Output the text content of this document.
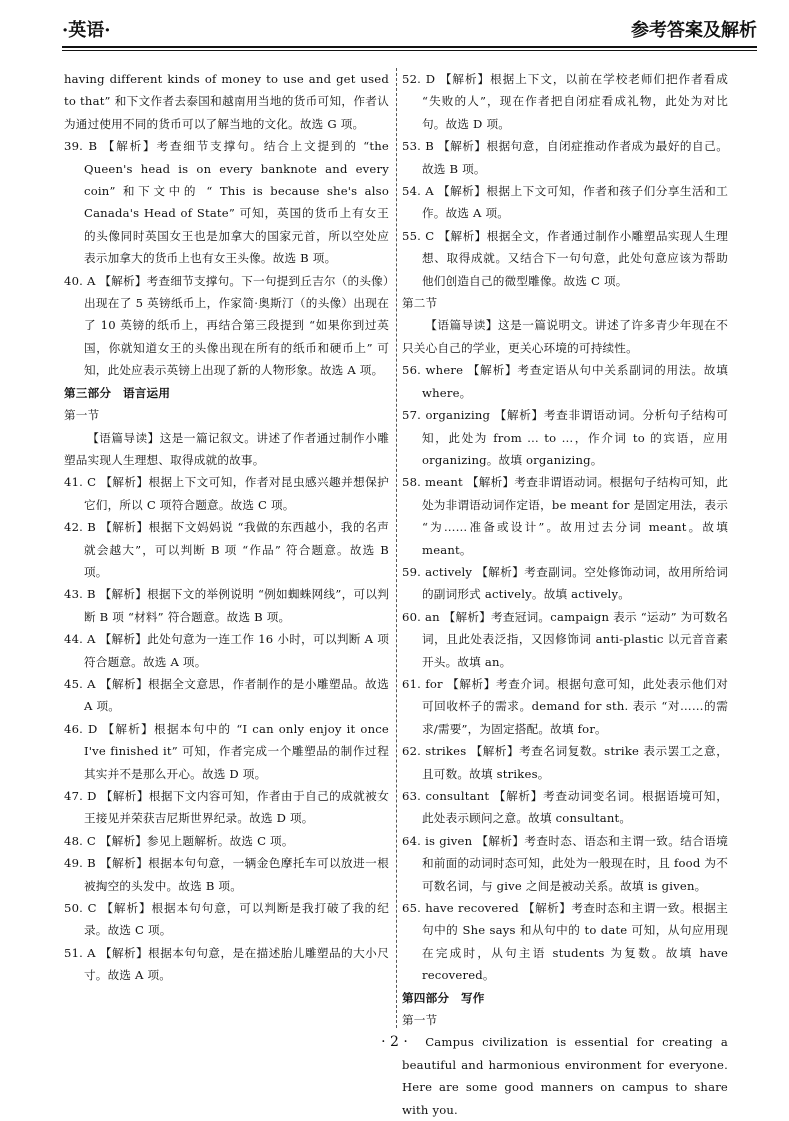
·英语·	参考答案及解析

having different kinds of money to use and get used to that” 和下文作者去泰国和越南用当地的货币可知，作者认为通过使用不同的货币可以了解当地的文化。故选 G 项。

39. B 【解析】考查细节支撑句。结合上文提到的 “the Queen's head is on every banknote and every coin” 和下文中的 “ This is because she's also Canada's Head of State” 可知，英国的货币上有女王的头像同时英国女王也是加拿大的国家元首，所以空处应表示加拿大的货币上也有女王头像。故选 B 项。

40. A 【解析】考查细节支撑句。下一句提到丘吉尔（的头像）出现在了 5 英镑纸币上，作家简·奥斯汀（的头像）出现在了 10 英镑的纸币上，再结合第三段提到 “如果你到过英国，你就知道女王的头像出现在所有的纸币和硬币上” 可知，此处应表示英镑上出现了新的人物形象。故选 A 项。

第三部分　语言运用

第一节

【语篇导读】这是一篇记叙文。讲述了作者通过制作小雕塑品实现人生理想、取得成就的故事。

41. C 【解析】根据上下文可知，作者对昆虫感兴趣并想保护它们，所以 C 项符合题意。故选 C 项。

42. B 【解析】根据下文妈妈说 “我做的东西越小，我的名声就会越大”，可以判断 B 项 “作品” 符合题意。故选 B 项。

43. B 【解析】根据下文的举例说明 “例如蜘蛛网线”，可以判断 B 项 “材料” 符合题意。故选 B 项。

44. A 【解析】此处句意为一连工作 16 小时，可以判断 A 项符合题意。故选 A 项。

45. A 【解析】根据全文意思，作者制作的是小雕塑品。故选 A 项。

46. D 【解析】根据本句中的 “I can only enjoy it once I've finished it” 可知，作者完成一个雕塑品的制作过程其实并不是那么开心。故选 D 项。

47. D 【解析】根据下文内容可知，作者由于自己的成就被女王接见并荣获吉尼斯世界纪录。故选 D 项。

48. C 【解析】参见上题解析。故选 C 项。

49. B 【解析】根据本句句意，一辆金色摩托车可以放进一根被掏空的头发中。故选 B 项。

50. C 【解析】根据本句句意，可以判断是我打破了我的纪录。故选 C 项。

51. A 【解析】根据本句句意，是在描述胎儿雕塑品的大小尺寸。故选 A 项。

52. D 【解析】根据上下文，以前在学校老师们把作者看成 “失败的人”，现在作者把自闭症看成礼物，此处为对比句。故选 D 项。

53. B 【解析】根据句意，自闭症推动作者成为最好的自己。故选 B 项。

54. A 【解析】根据上下文可知，作者和孩子们分享生活和工作。故选 A 项。

55. C 【解析】根据全文，作者通过制作小雕塑品实现人生理想、取得成就。又结合下一句句意，此处句意应该为帮助他们创造自己的微型雕像。故选 C 项。

第二节

【语篇导读】这是一篇说明文。讲述了许多青少年现在不只关心自己的学业，更关心环境的可持续性。

56. where 【解析】考查定语从句中关系副词的用法。故填 where。

57. organizing 【解析】考查非谓语动词。分析句子结构可知，此处为 from … to …，作介词 to 的宾语，应用 organizing。故填 organizing。

58. meant 【解析】考查非谓语动词。根据句子结构可知，此处为非谓语动词作定语，be meant for 是固定用法，表示 “为……准备或设计”。故用过去分词 meant。故填 meant。

59. actively 【解析】考查副词。空处修饰动词，故用所给词的副词形式 actively。故填 actively。

60. an 【解析】考查冠词。campaign 表示 “运动” 为可数名词，且此处表泛指，又因修饰词 anti-plastic 以元音音素开头。故填 an。

61. for 【解析】考查介词。根据句意可知，此处表示他们对可回收杯子的需求。demand for sth. 表示 “对……的需求/需要”，为固定搭配。故填 for。

62. strikes 【解析】考查名词复数。strike 表示罢工之意，且可数。故填 strikes。

63. consultant 【解析】考查动词变名词。根据语境可知，此处表示顾问之意。故填 consultant。

64. is given 【解析】考查时态、语态和主谓一致。结合语境和前面的动词时态可知，此处为一般现在时，且 food 为不可数名词，与 give 之间是被动关系。故填 is given。

65. have recovered 【解析】考查时态和主谓一致。根据主句中的 She says 和从句中的 to date 可知，从句应用现在完成时，从句主语 students 为复数。故填 have recovered。

第四部分　写作

第一节

Campus civilization is essential for creating a beautiful and harmonious environment for everyone. Here are some good manners on campus to share with you.

· 2 ·
